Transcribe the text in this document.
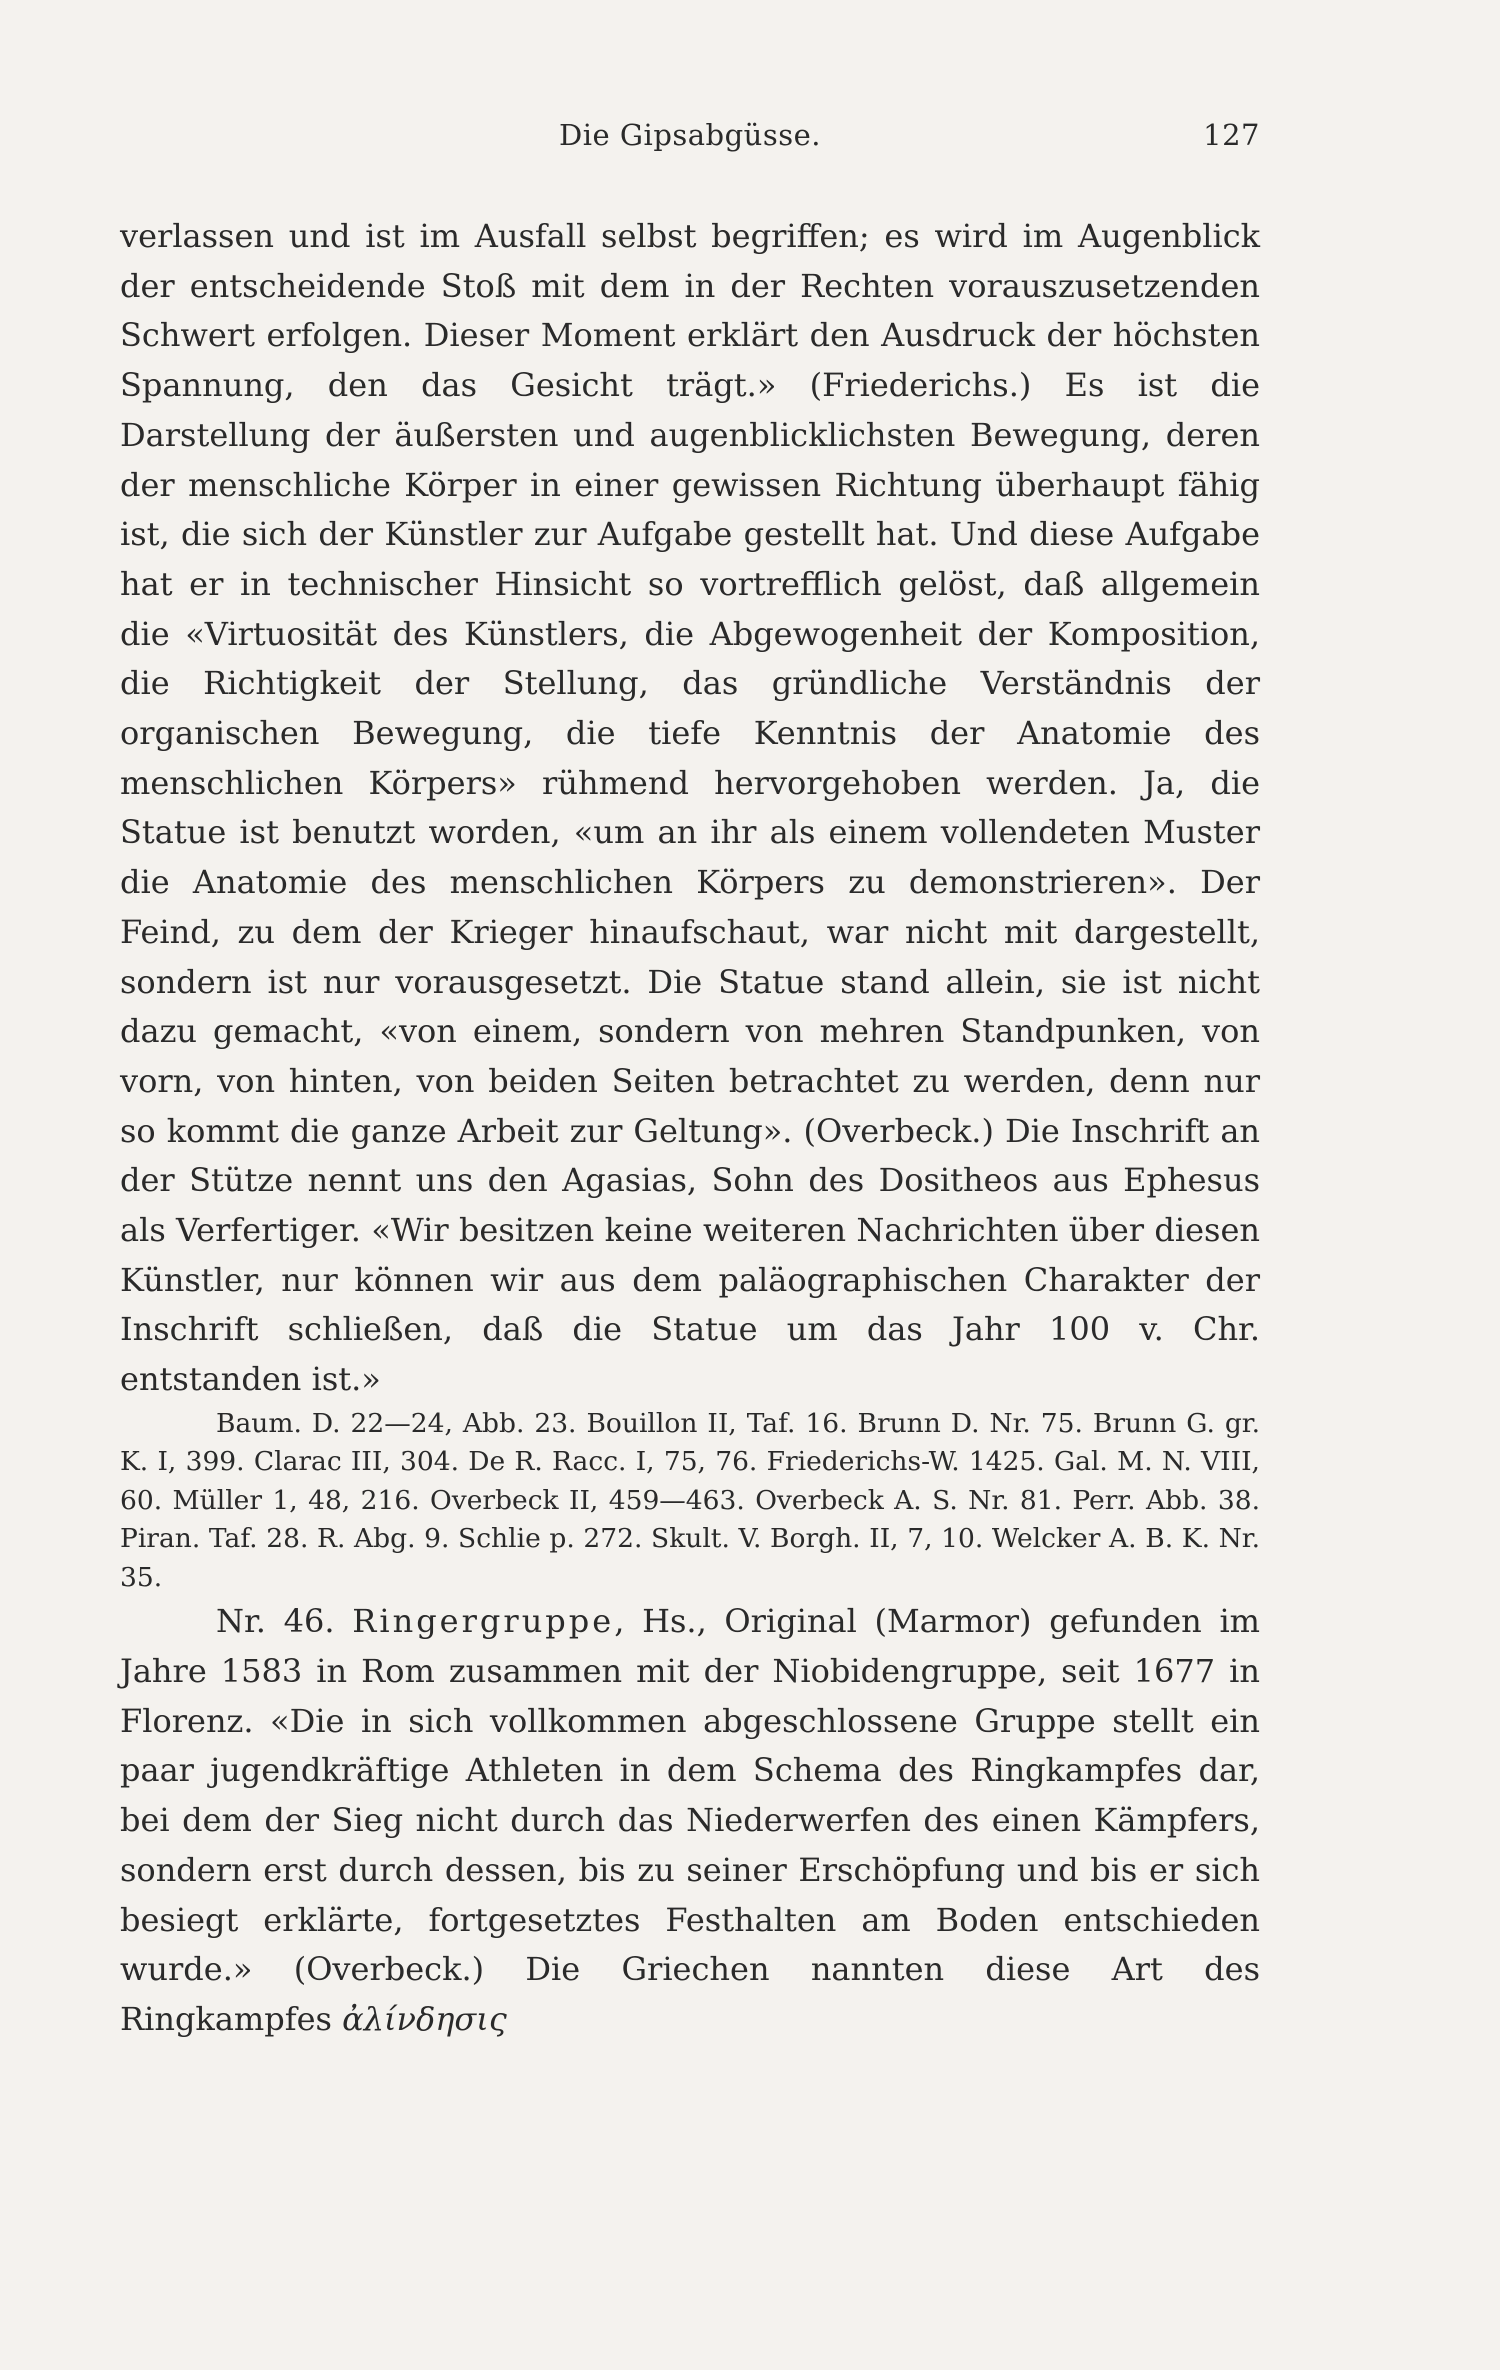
Die Gipsabgüsse.	127

verlassen und ist im Ausfall selbst begriffen; es wird im Augenblick der entscheidende Stoß mit dem in der Rechten vorauszusetzenden Schwert erfolgen. Dieser Moment erklärt den Ausdruck der höchsten Spannung, den das Gesicht trägt.» (Friederichs.) Es ist die Darstellung der äußersten und augenblicklichsten Bewegung, deren der menschliche Körper in einer gewissen Richtung überhaupt fähig ist, die sich der Künstler zur Aufgabe gestellt hat. Und diese Aufgabe hat er in technischer Hinsicht so vortrefflich gelöst, daß allgemein die «Virtuosität des Künstlers, die Abgewogenheit der Komposition, die Richtigkeit der Stellung, das gründliche Verständnis der organischen Bewegung, die tiefe Kenntnis der Anatomie des menschlichen Körpers» rühmend hervorgehoben werden. Ja, die Statue ist benutzt worden, «um an ihr als einem vollendeten Muster die Anatomie des menschlichen Körpers zu demonstrieren». Der Feind, zu dem der Krieger hinaufschaut, war nicht mit dargestellt, sondern ist nur vorausgesetzt. Die Statue stand allein, sie ist nicht dazu gemacht, «von einem, sondern von mehren Standpunken, von vorn, von hinten, von beiden Seiten betrachtet zu werden, denn nur so kommt die ganze Arbeit zur Geltung». (Overbeck.) Die Inschrift an der Stütze nennt uns den Agasias, Sohn des Dositheos aus Ephesus als Verfertiger. «Wir besitzen keine weiteren Nachrichten über diesen Künstler, nur können wir aus dem paläographischen Charakter der Inschrift schließen, daß die Statue um das Jahr 100 v. Chr. entstanden ist.»

Baum. D. 22—24, Abb. 23. Bouillon II, Taf. 16. Brunn D. Nr. 75. Brunn G. gr. K. I, 399. Clarac III, 304. De R. Racc. I, 75, 76. Friederichs-W. 1425. Gal. M. N. VIII, 60. Müller 1, 48, 216. Overbeck II, 459—463. Overbeck A. S. Nr. 81. Perr. Abb. 38. Piran. Taf. 28. R. Abg. 9. Schlie p. 272. Skult. V. Borgh. II, 7, 10. Welcker A. B. K. Nr. 35.

Nr. 46. Ringergruppe, Hs., Original (Marmor) gefunden im Jahre 1583 in Rom zusammen mit der Niobidengruppe, seit 1677 in Florenz. «Die in sich vollkommen abgeschlossene Gruppe stellt ein paar jugendkräftige Athleten in dem Schema des Ringkampfes dar, bei dem der Sieg nicht durch das Niederwerfen des einen Kämpfers, sondern erst durch dessen, bis zu seiner Erschöpfung und bis er sich besiegt erklärte, fortgesetztes Festhalten am Boden entschieden wurde.» (Overbeck.) Die Griechen nannten diese Art des Ringkampfes ἀλίνδησις
